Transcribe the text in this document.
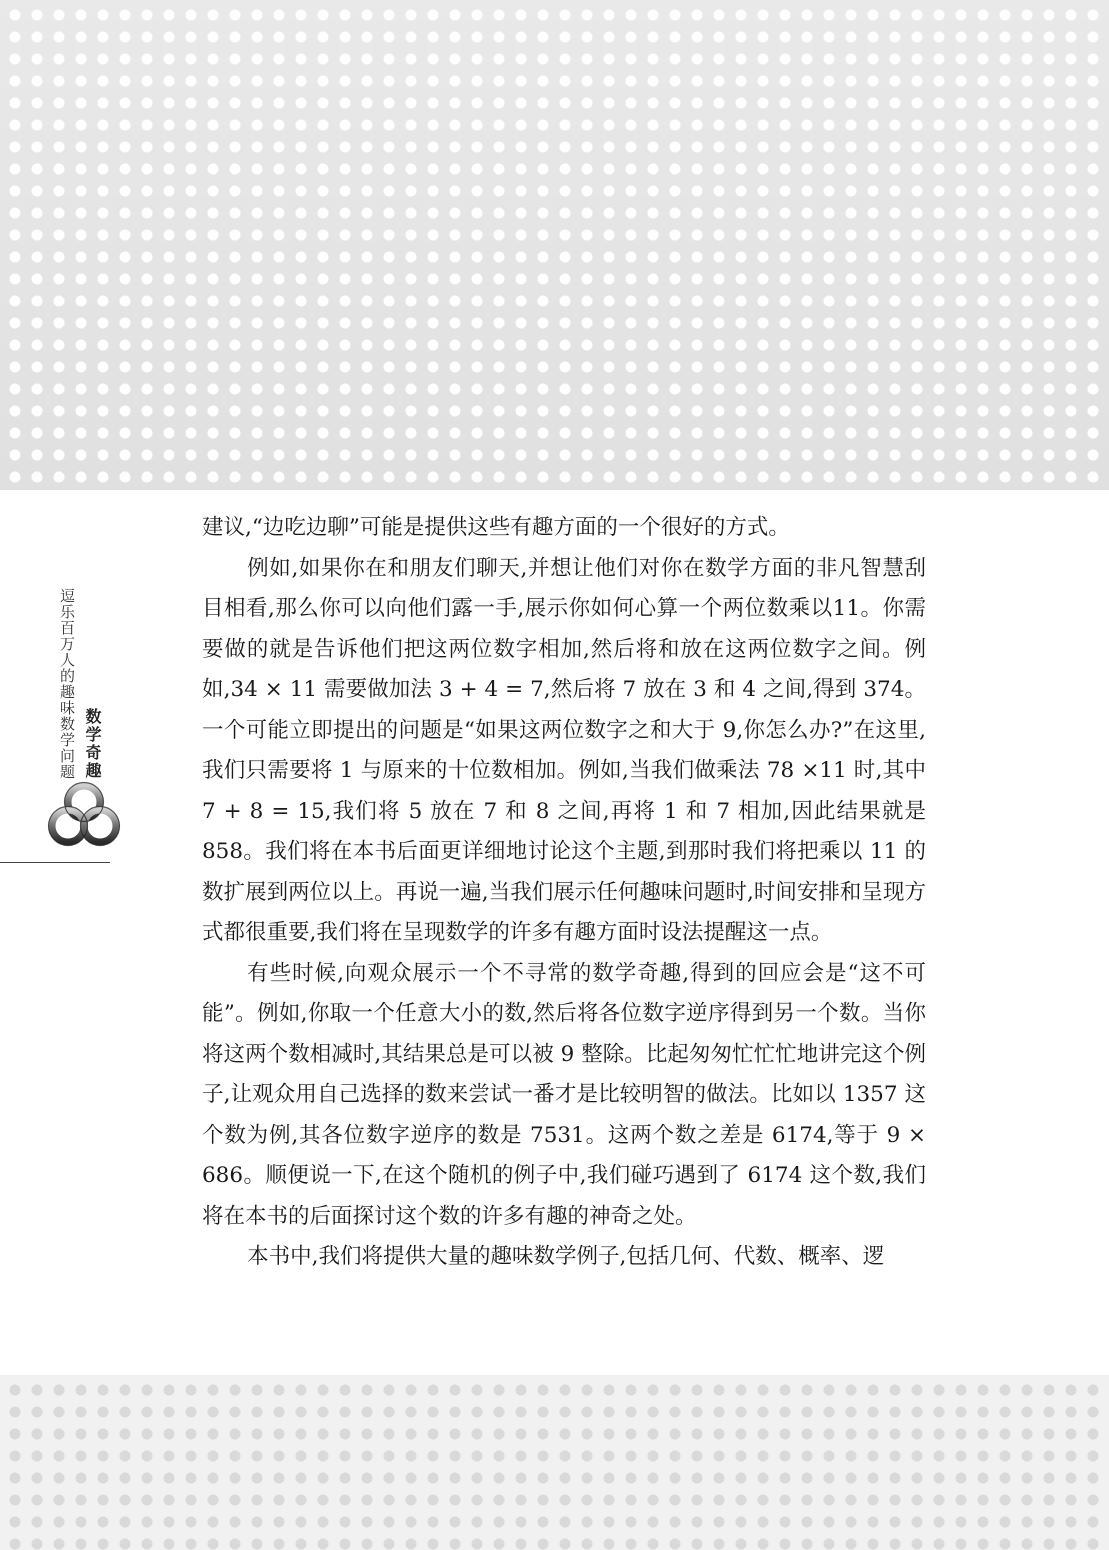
逗乐百万人的趣味数学问题 数学奇趣

建议,“边吃边聊”可能是提供这些有趣方面的一个很好的方式。

例如,如果你在和朋友们聊天,并想让他们对你在数学方面的非凡智慧刮目相看,那么你可以向他们露一手,展示你如何心算一个两位数乘以11。你需要做的就是告诉他们把这两位数字相加,然后将和放在这两位数字之间。例如,34 × 11 需要做加法 3 + 4 = 7,然后将 7 放在 3 和 4 之间,得到 374。一个可能立即提出的问题是“如果这两位数字之和大于 9,你怎么办?”在这里,我们只需要将 1 与原来的十位数相加。例如,当我们做乘法 78 ×11 时,其中 7 + 8 = 15,我们将 5 放在 7 和 8 之间,再将 1 和 7 相加,因此结果就是 858。我们将在本书后面更详细地讨论这个主题,到那时我们将把乘以 11 的数扩展到两位以上。再说一遍,当我们展示任何趣味问题时,时间安排和呈现方式都很重要,我们将在呈现数学的许多有趣方面时设法提醒这一点。

有些时候,向观众展示一个不寻常的数学奇趣,得到的回应会是“这不可能”。例如,你取一个任意大小的数,然后将各位数字逆序得到另一个数。当你将这两个数相减时,其结果总是可以被 9 整除。比起匆匆忙忙忙地讲完这个例子,让观众用自己选择的数来尝试一番才是比较明智的做法。比如以 1357 这个数为例,其各位数字逆序的数是 7531。这两个数之差是 6174,等于 9 × 686。顺便说一下,在这个随机的例子中,我们碰巧遇到了 6174 这个数,我们将在本书的后面探讨这个数的许多有趣的神奇之处。

本书中,我们将提供大量的趣味数学例子,包括几何、代数、概率、逻
